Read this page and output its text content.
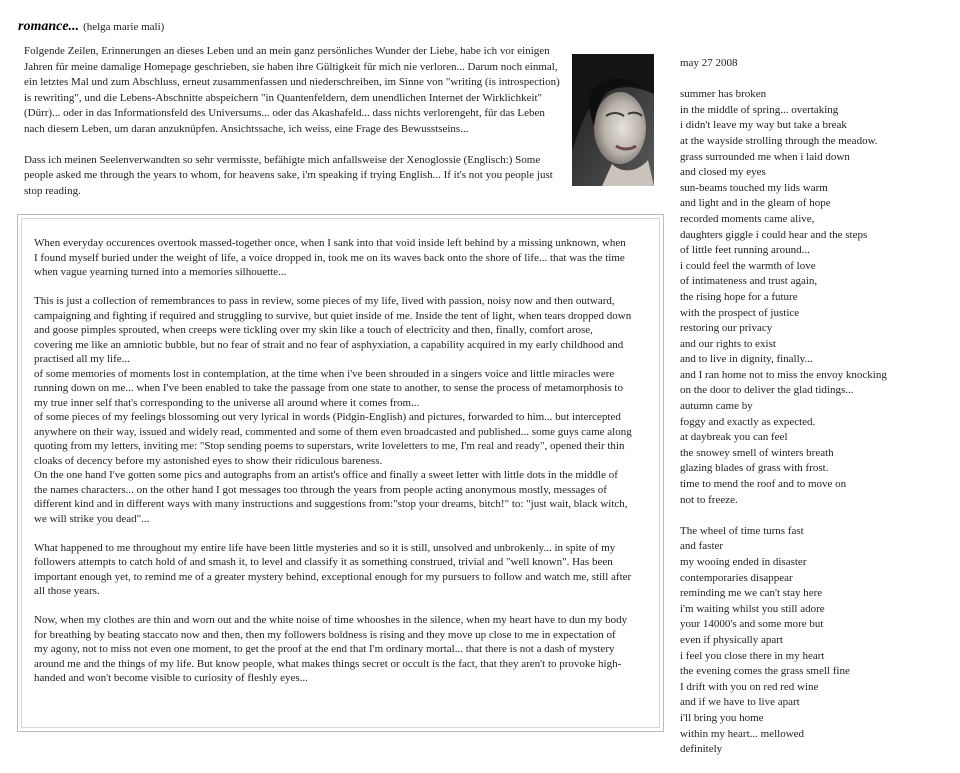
romance... (helga marie mali)

Folgende Zeilen, Erinnerungen an dieses Leben und an mein ganz persönliches Wunder der Liebe, habe ich vor einigen Jahren für meine damalige Homepage geschrieben, sie haben ihre Gültigkeit für mich nie verloren... Darum noch einmal, ein letztes Mal und zum Abschluss, erneut zusammenfassen und niederschreiben, im Sinne von "writing (is introspection) is rewriting", und die Lebens-Abschnitte abspeichern "in Quantenfeldern, dem unendlichen Internet der Wirklichkeit" (Dürr)... oder in das Informationsfeld des Universums... oder das Akashafeld... dass nichts verlorengeht, für das Leben nach diesem Leben, um daran anzuknüpfen. Ansichtssache, ich weiss, eine Frage des Bewusstseins...

Dass ich meinen Seelenverwandten so sehr vermisste, befähigte mich anfallsweise der Xenoglossie (Englisch:) Some people asked me through the years to whom, for heavens sake, i'm speaking if trying English... If it's not you people just stop reading.

When everyday occurences overtook massed-together once, when I sank into that void inside left behind by a missing unknown, when I found myself buried under the weight of life, a voice dropped in, took me on its waves back onto the shore of life... that was the time when vague yearning turned into a memories silhouette...

This is just a collection of remembrances to pass in review, some pieces of my life, lived with passion, noisy now and then outward, campaigning and fighting if required and struggling to survive, but quiet inside of me. Inside the tent of light, when tears dropped down and goose pimples sprouted, when creeps were tickling over my skin like a touch of electricity and then, finally, comfort arose, covering me like an amniotic bubble, but no fear of strait and no fear of asphyxiation, a capability acquired in my early childhood and practised all my life...
of some memories of moments lost in contemplation, at the time when i've been shrouded in a singers voice and little miracles were running down on me... when I've been enabled to take the passage from one state to another, to sense the process of metamorphosis to my true inner self that's corresponding to the universe all around where it comes from...
of some pieces of my feelings blossoming out very lyrical in words (Pidgin-English) and pictures, forwarded to him... but intercepted anywhere on their way, issued and widely read, commented and some of them even broadcasted and published... some guys came along quoting from my letters, inviting me: "Stop sending poems to superstars, write loveletters to me, I'm real and ready", opened their thin cloaks of decency before my astonished eyes to show their ridiculous bareness.
On the one hand I've gotten some pics and autographs from an artist's office and finally a sweet letter with little dots in the middle of the names characters... on the other hand I got messages too through the years from people acting anonymous mostly, messages of different kind and in different ways with many instructions and suggestions from:"stop your dreams, bitch!" to: "just wait, black witch, we will strike you dead"...

What happened to me throughout my entire life have been little mysteries and so it is still, unsolved and unbrokenly... in spite of my followers attempts to catch hold of and smash it, to level and classify it as something construed, trivial and "well known". Has been important enough yet, to remind me of a greater mystery behind, exceptional enough for my pursuers to follow and watch me, still after all those years.

Now, when my clothes are thin and worn out and the white noise of time whooshes in the silence, when my heart have to dun my body for breathing by beating staccato now and then, then my followers boldness is rising and they move up close to me in expectation of my agony, not to miss not even one moment, to get the proof at the end that I'm ordinary mortal... that there is not a dash of mystery around me and the things of my life. But know people, what makes things secret or occult is the fact, that they aren't to provoke high-handed and won't become visible to curiosity of fleshly eyes...

may 27 2008
summer has broken
in the middle of spring... overtaking
i didn't leave my way but take a break
at the wayside strolling through the meadow.
grass surrounded me when i laid down
and closed my eyes
sun-beams touched my lids warm
and light and in the gleam of hope
recorded moments came alive,
daughters giggle i could hear and the steps
of little feet running around...
i could feel the warmth of love
of intimateness and trust again,
the rising hope for a future
with the prospect of justice
restoring our privacy
and our rights to exist
and to live in dignity, finally...
and I ran home not to miss the envoy knocking
on the door to deliver the glad tidings...
autumn came by
foggy and exactly as expected.
at daybreak you can feel
the snowey smell of winters breath
glazing blades of grass with frost.
time to mend the roof and to move on
not to freeze.
The wheel of time turns fast
and faster
my wooing ended in disaster
contemporaries disappear
reminding me we can't stay here
i'm waiting whilst you still adore
your 14000's and some more but
even if physically apart
i feel you close there in my heart
the evening comes the grass smell fine
I drift with you on red red wine
and if we have to live apart
i'll bring you home
within my heart... mellowed
definitely
